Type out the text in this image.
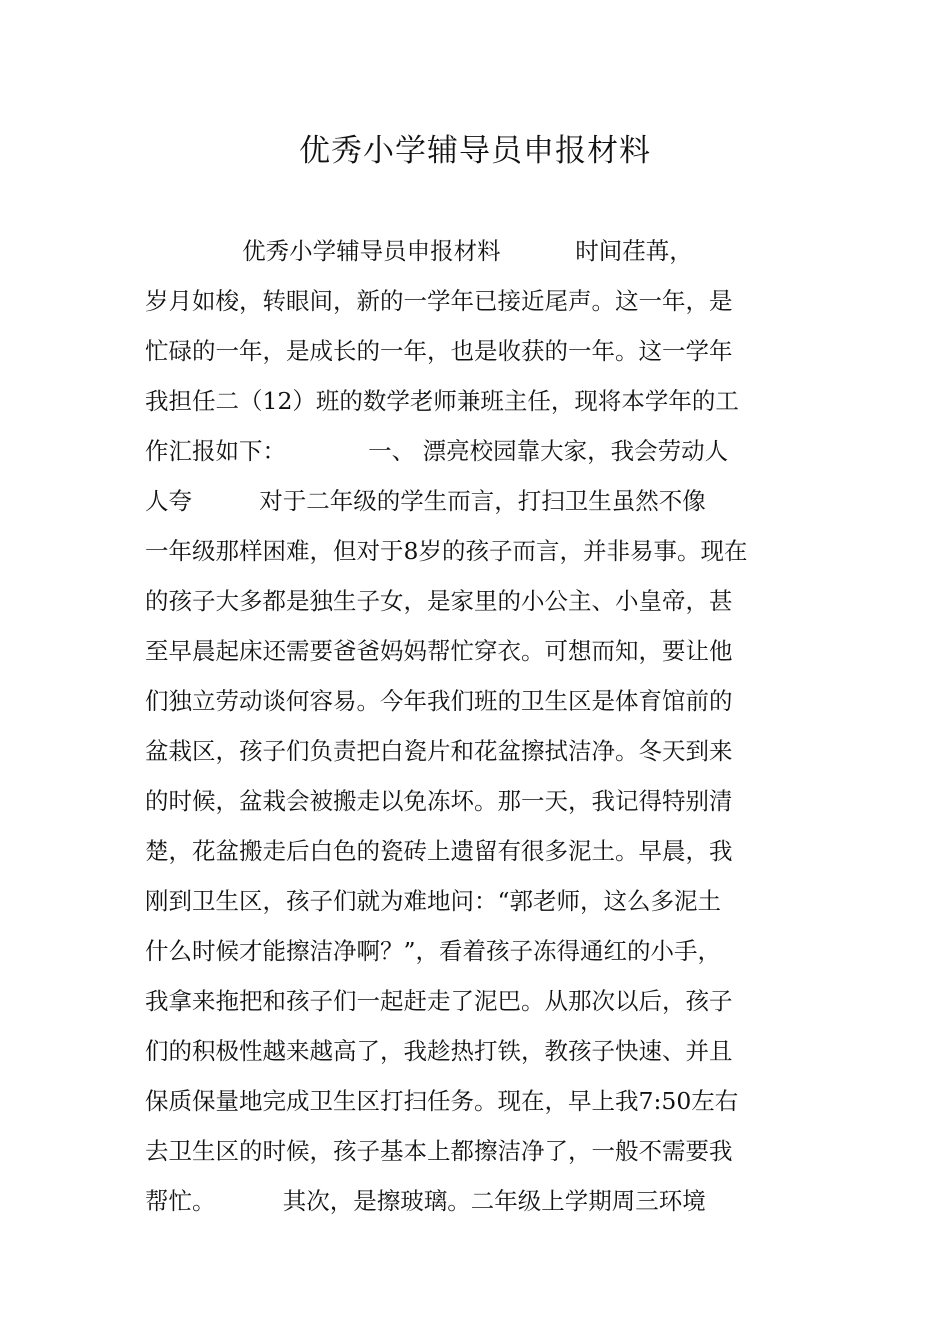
优秀小学辅导员申报材料
优秀小学辅导员申报材料          时间荏苒，
岁月如梭，转眼间，新的一学年已接近尾声。这一年，是
忙碌的一年，是成长的一年，也是收获的一年。这一学年
我担任二（12）班的数学老师兼班主任，现将本学年的工
作汇报如下：           一、 漂亮校园靠大家，我会劳动人
人夸         对于二年级的学生而言，打扫卫生虽然不像
一年级那样困难，但对于8岁的孩子而言，并非易事。现在
的孩子大多都是独生子女，是家里的小公主、小皇帝，甚
至早晨起床还需要爸爸妈妈帮忙穿衣。可想而知，要让他
们独立劳动谈何容易。今年我们班的卫生区是体育馆前的
盆栽区，孩子们负责把白瓷片和花盆擦拭洁净。冬天到来
的时候，盆栽会被搬走以免冻坏。那一天，我记得特别清
楚，花盆搬走后白色的瓷砖上遗留有很多泥土。早晨，我
刚到卫生区，孩子们就为难地问：“郭老师，这么多泥土
什么时候才能擦洁净啊？”，看着孩子冻得通红的小手，
我拿来拖把和孩子们一起赶走了泥巴。从那次以后，孩子
们的积极性越来越高了，我趁热打铁，教孩子快速、并且
保质保量地完成卫生区打扫任务。现在，早上我7:50左右
去卫生区的时候，孩子基本上都擦洁净了，一般不需要我
帮忙。         其次，是擦玻璃。二年级上学期周三环境
